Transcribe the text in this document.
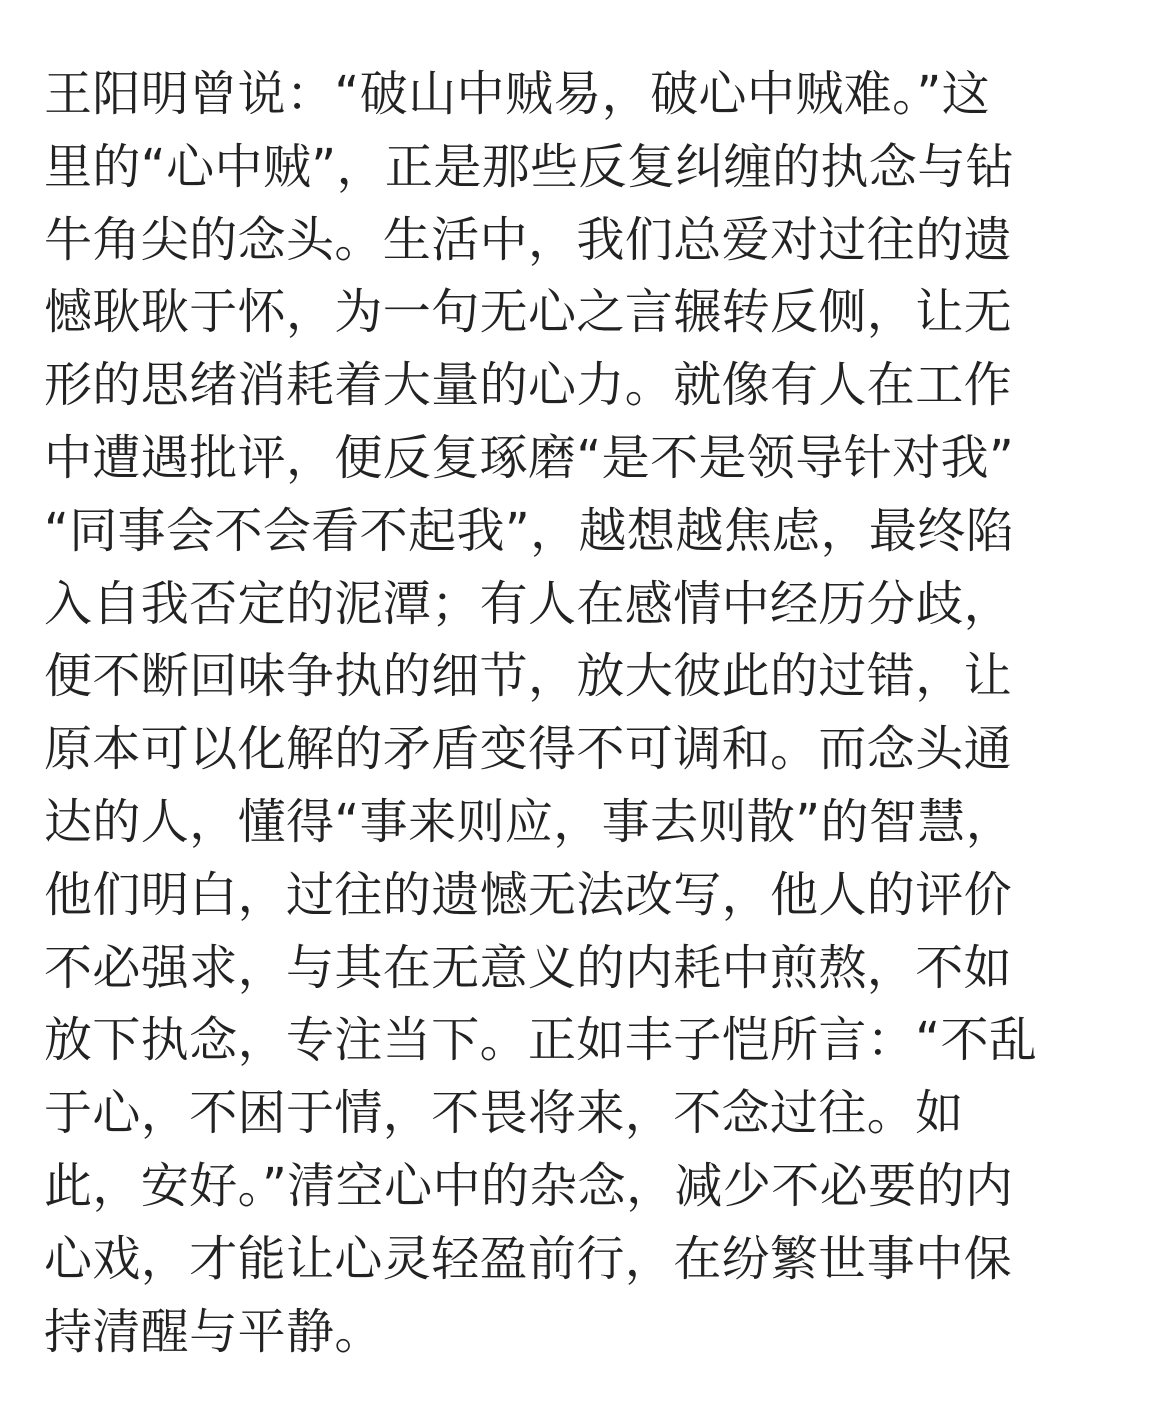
王阳明曾说：“破山中贼易，破心中贼难。”这
里的“心中贼”，正是那些反复纠缠的执念与钻
牛角尖的念头。生活中，我们总爱对过往的遗
憾耿耿于怀，为一句无心之言辗转反侧，让无
形的思绪消耗着大量的心力。就像有人在工作
中遭遇批评，便反复琢磨“是不是领导针对我”
“同事会不会看不起我”，越想越焦虑，最终陷
入自我否定的泥潭；有人在感情中经历分歧，
便不断回味争执的细节，放大彼此的过错，让
原本可以化解的矛盾变得不可调和。而念头通
达的人，懂得“事来则应，事去则散”的智慧，
他们明白，过往的遗憾无法改写，他人的评价
不必强求，与其在无意义的内耗中煎熬，不如
放下执念，专注当下。正如丰子恺所言：“不乱
于心，不困于情，不畏将来，不念过往。如
此，安好。”清空心中的杂念，减少不必要的内
心戏，才能让心灵轻盈前行，在纷繁世事中保
持清醒与平静。
